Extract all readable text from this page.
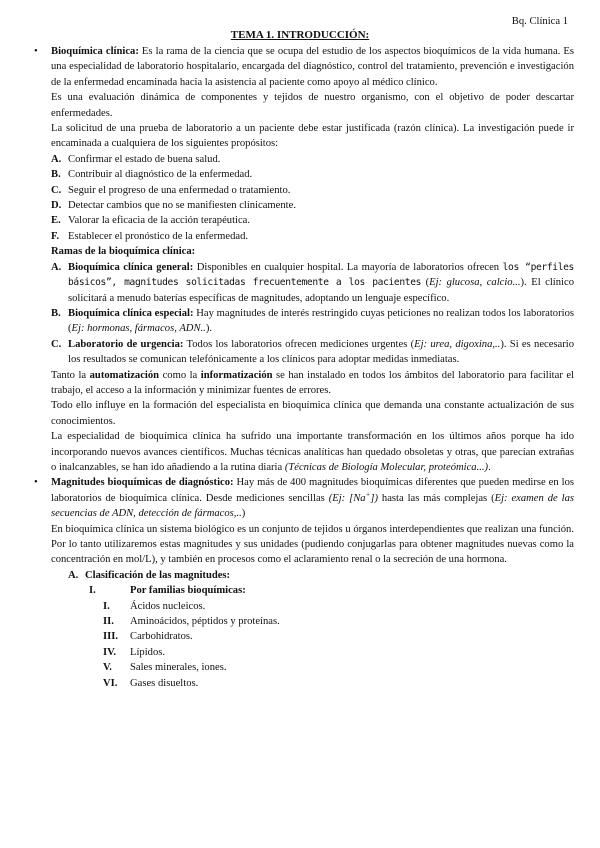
Bq. Clínica 1
TEMA 1. INTRODUCCIÓN:
• Bioquímica clínica: Es la rama de la ciencia que se ocupa del estudio de los aspectos bioquímicos de la vida humana. Es una especialidad de laboratorio hospitalario, encargada del diagnóstico, control del tratamiento, prevención e investigación de la enfermedad encaminada hacia la asistencia al paciente como apoyo al médico clínico.

Es una evaluación dinámica de componentes y tejidos de nuestro organismo, con el objetivo de poder descartar enfermedades.

La solicitud de una prueba de laboratorio a un paciente debe estar justificada (razón clínica). La investigación puede ir encaminada a cualquiera de los siguientes propósitos:

A. Confirmar el estado de buena salud.
B. Contribuir al diagnóstico de la enfermedad.
C. Seguir el progreso de una enfermedad o tratamiento.
D. Detectar cambios que no se manifiesten clínicamente.
E. Valorar la eficacia de la acción terapéutica.
F. Establecer el pronóstico de la enfermedad.

Ramas de la bioquímica clínica:

A. Bioquímica clínica general: Disponibles en cualquier hospital. La mayoría de laboratorios ofrecen los “perfiles básicos”, magnitudes solicitadas frecuentemente a los pacientes (Ej: glucosa, calcio...). El clínico solicitará a menudo baterías específicas de magnitudes, adoptando un lenguaje específico.

B. Bioquímica clínica especial: Hay magnitudes de interés restringido cuyas peticiones no realizan todos los laboratorios (Ej: hormonas, fármacos, ADN..).

C. Laboratorio de urgencia: Todos los laboratorios ofrecen mediciones urgentes (Ej: urea, digoxina,..). Si es necesario los resultados se comunican telefónicamente a los clínicos para adoptar medidas inmediatas.

Tanto la automatización como la informatización se han instalado en todos los ámbitos del laboratorio para facilitar el trabajo, el acceso a la información y minimizar fuentes de errores.

Todo ello influye en la formación del especialista en bioquímica clínica que demanda una constante actualización de sus conocimientos.

La especialidad de bioquímica clínica ha sufrido una importante transformación en los últimos años porque ha ido incorporando nuevos avances científicos. Muchas técnicas analíticas han quedado obsoletas y otras, que parecían extrañas o inalcanzables, se han ido añadiendo a la rutina diaria (Técnicas de Biología Molecular, proteómica...).

• Magnitudes bioquímicas de diagnóstico: Hay más de 400 magnitudes bioquímicas diferentes que pueden medirse en los laboratorios de bioquímica clínica. Desde mediciones sencillas (Ej: [Na+]) hasta las más complejas (Ej: examen de las secuencias de ADN, detección de fármacos,..)

En bioquímica clínica un sistema biológico es un conjunto de tejidos u órganos interdependientes que realizan una función. Por lo tanto utilizaremos estas magnitudes y sus unidades (pudiendo conjugarlas para obtener magnitudes nuevas como la concentración en mol/L), y también en procesos como el aclaramiento renal o la secreción de una hormona.

A. Clasificación de las magnitudes:
I.	Por familias bioquímicas:
I. Ácidos nucleicos.
II. Aminoácidos, péptidos y proteínas.
III. Carbohidratos.
IV. Lípidos.
V. Sales minerales, iones.
VI. Gases disueltos.
